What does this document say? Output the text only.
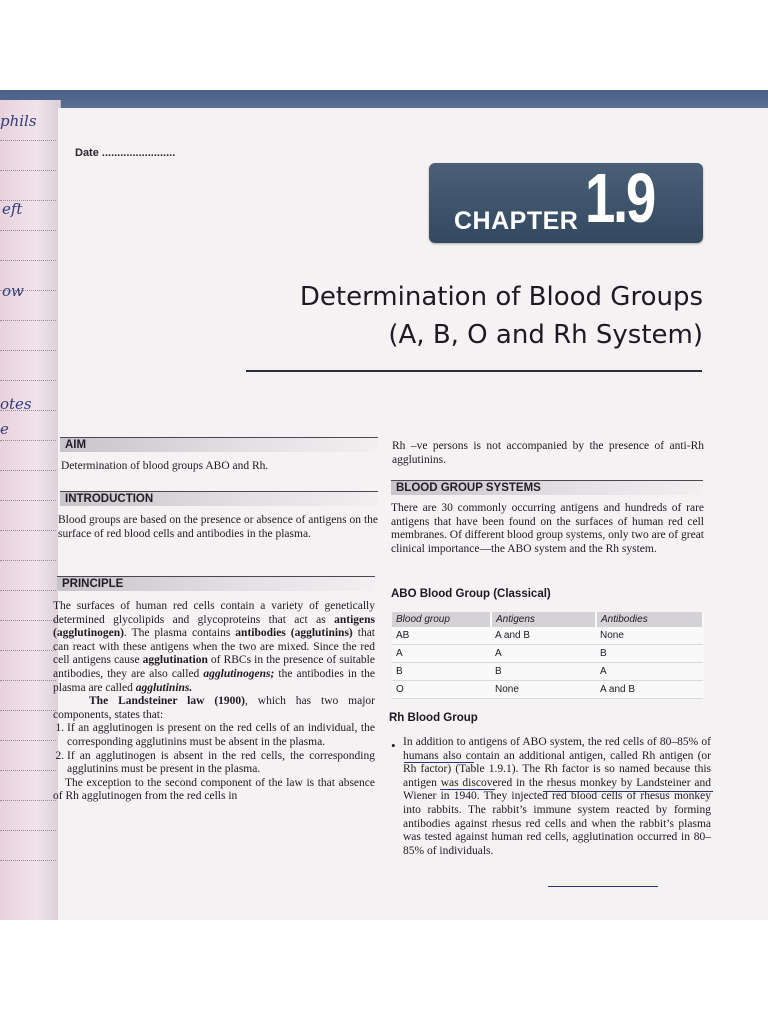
phils
eft
ow
otes
e
Date ........................
CHAPTER 1.9
Determination of Blood Groups
(A, B, O and Rh System)
AIM
Determination of blood groups ABO and Rh.
INTRODUCTION
Blood groups are based on the presence or absence of antigens on the surface of red blood cells and antibodies in the plasma.
PRINCIPLE

The surfaces of human red cells contain a variety of genetically determined glycolipids and glycoproteins that act as antigens (agglutinogen). The plasma contains antibodies (agglutinins) that can react with these antigens when the two are mixed. Since the red cell antigens cause agglutination of RBCs in the presence of suitable antibodies, they are also called agglutinogens; the antibodies in the plasma are called agglutinins.

The Landsteiner law (1900), which has two major components, states that:

1. If an agglutinogen is present on the red cells of an individual, the corresponding agglutinins must be absent in the plasma.
2. If an agglutinogen is absent in the red cells, the corresponding agglutinins must be present in the plasma.

The exception to the second component of the law is that absence of Rh agglutinogen from the red cells in

Rh –ve persons is not accompanied by the presence of anti-Rh agglutinins.
BLOOD GROUP SYSTEMS
There are 30 commonly occurring antigens and hundreds of rare antigens that have been found on the surfaces of human red cell membranes. Of different blood group systems, only two are of great clinical importance—the ABO system and the Rh system.
ABO Blood Group (Classical)
Blood group	Antigens	Antibodies
AB	A and B	None
A	A	B
B	B	A
O	None	A and B
Rh Blood Group
• In addition to antigens of ABO system, the red cells of 80–85% of humans also contain an additional antigen, called Rh antigen (or Rh factor) (Table 1.9.1). The Rh factor is so named because this antigen was discovered in the rhesus monkey by Landsteiner and Wiener in 1940. They injected red blood cells of rhesus monkey into rabbits. The rabbit’s immune system reacted by forming antibodies against rhesus red cells and when the rabbit’s plasma was tested against human red cells, agglutination occurred in 80–85% of individuals.
